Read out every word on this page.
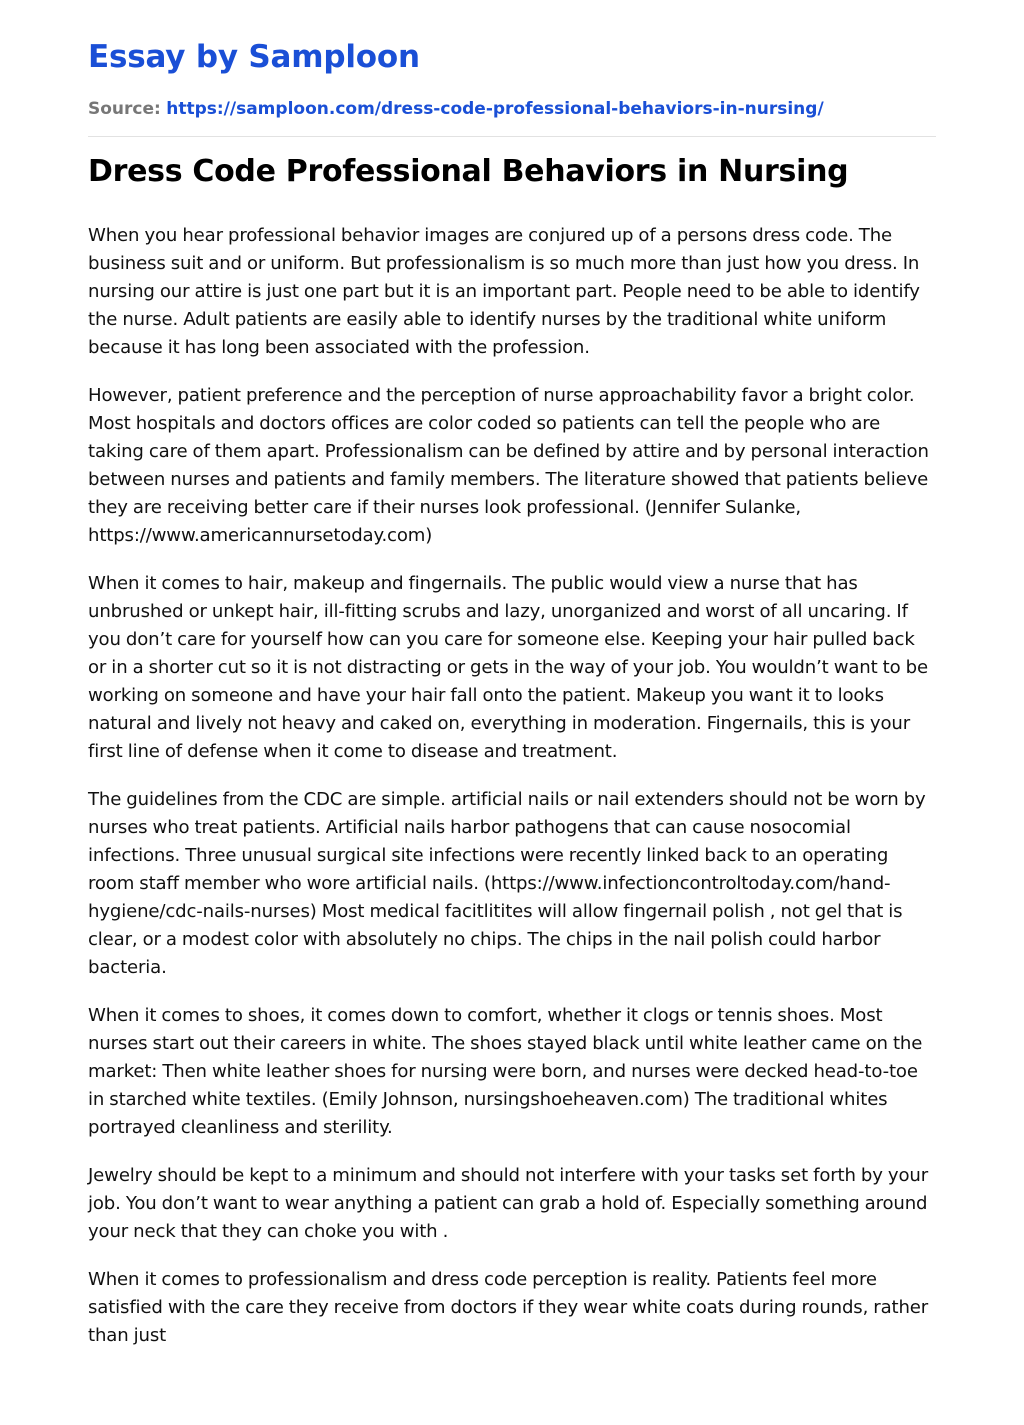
Essay by Samploon
Source: https://samploon.com/dress-code-professional-behaviors-in-nursing/
Dress Code Professional Behaviors in Nursing

When you hear professional behavior images are conjured up of a persons dress code. The business suit and or uniform. But professionalism is so much more than just how you dress. In nursing our attire is just one part but it is an important part. People need to be able to identify the nurse. Adult patients are easily able to identify nurses by the traditional white uniform because it has long been associated with the profession.

However, patient preference and the perception of nurse approachability favor a bright color. Most hospitals and doctors offices are color coded so patients can tell the people who are taking care of them apart. Professionalism can be defined by attire and by personal interaction between nurses and patients and family members. The literature showed that patients believe they are receiving better care if their nurses look professional. (Jennifer Sulanke, https://www.americannursetoday.com)

When it comes to hair, makeup and fingernails. The public would view a nurse that has unbrushed or unkept hair, ill-fitting scrubs and lazy, unorganized and worst of all uncaring. If you don’t care for yourself how can you care for someone else. Keeping your hair pulled back or in a shorter cut so it is not distracting or gets in the way of your job. You wouldn’t want to be working on someone and have your hair fall onto the patient. Makeup you want it to looks natural and lively not heavy and caked on, everything in moderation. Fingernails, this is your first line of defense when it come to disease and treatment.

The guidelines from the CDC are simple. artificial nails or nail extenders should not be worn by nurses who treat patients. Artificial nails harbor pathogens that can cause nosocomial infections. Three unusual surgical site infections were recently linked back to an operating room staff member who wore artificial nails. (https://www.infectioncontroltoday.com/hand-hygiene/cdc-nails-nurses) Most medical facitlitites will allow fingernail polish , not gel that is clear, or a modest color with absolutely no chips. The chips in the nail polish could harbor bacteria.

When it comes to shoes, it comes down to comfort, whether it clogs or tennis shoes. Most nurses start out their careers in white. The shoes stayed black until white leather came on the market: Then white leather shoes for nursing were born, and nurses were decked head-to-toe in starched white textiles. (Emily Johnson, nursingshoeheaven.com) The traditional whites portrayed cleanliness and sterility.

Jewelry should be kept to a minimum and should not interfere with your tasks set forth by your job. You don’t want to wear anything a patient can grab a hold of. Especially something around your neck that they can choke you with .

When it comes to professionalism and dress code perception is reality. Patients feel more satisfied with the care they receive from doctors if they wear white coats during rounds, rather than just
